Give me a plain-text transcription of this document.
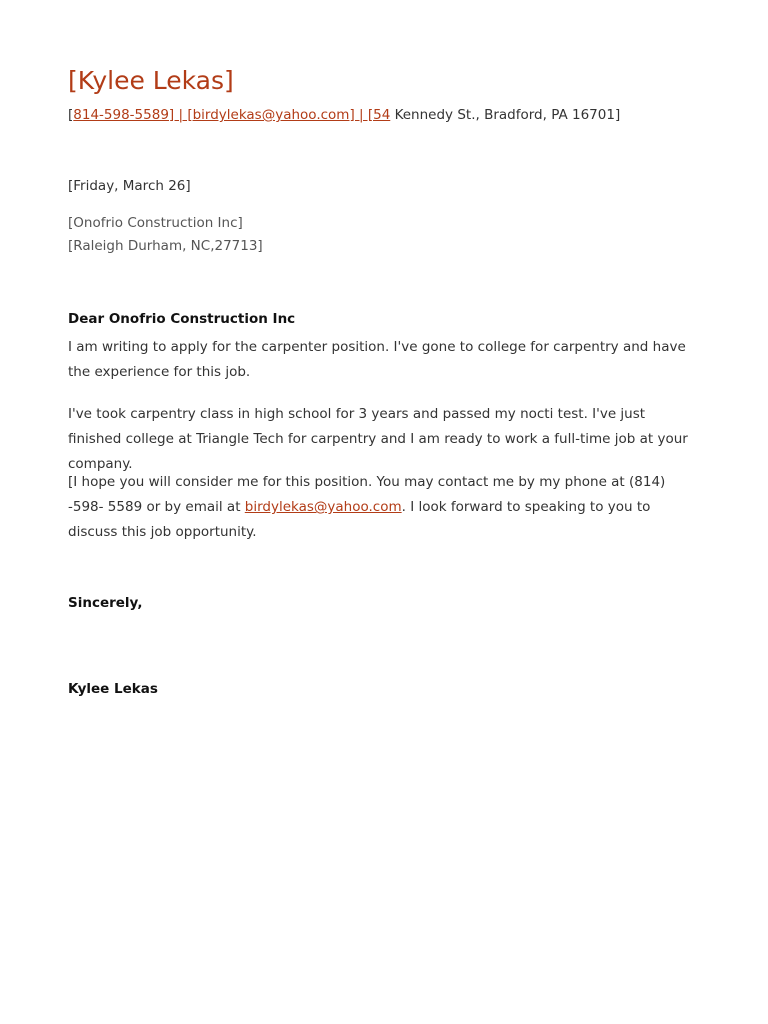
[Kylee Lekas]
[814-598-5589] | [birdylekas@yahoo.com] | [54 Kennedy St., Bradford, PA 16701]
[Friday, March 26]
[Onofrio Construction Inc]
[Raleigh Durham, NC,27713]
Dear Onofrio Construction Inc
I am writing to apply for the carpenter position. I've gone to college for carpentry and have the experience for this job.
I've took carpentry class in high school for 3 years and passed my nocti test. I've just finished college at Triangle Tech for carpentry and I am ready to work a full-time job at your company.
[I hope you will consider me for this position. You may contact me by my phone at (814) -598- 5589 or by email at birdylekas@yahoo.com. I look forward to speaking to you to discuss this job opportunity.
Sincerely,
Kylee Lekas
